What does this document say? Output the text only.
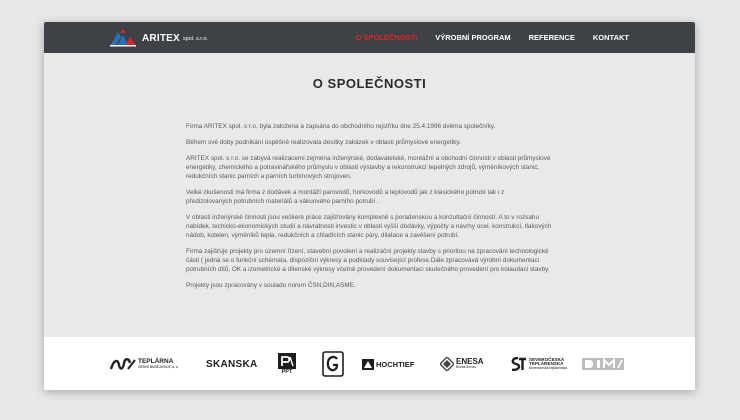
ARITEX spol. s.r.o.	O SPOLEČNOSTI VÝROBNÍ PROGRAM REFERENCE KONTAKT
O SPOLEČNOSTI

Firma ARITEX spol. s r.o. byla založena a zapsána do obchodního rejstříku dne 25.4.1996 dvěma společníky.

Během své doby podnikání úspěšně realizovala desítky zakázek v oblasti průmyslové energetiky.

ARITEX spol. s r.o. se zabývá realizacemi zejména inženýrské, dodavatelské, montážní a obchodní činnosti v oblasti průmyslové energetiky, chemického a potravinářského průmyslu v oblasti výstavby a rekonstrukcí tepelných zdrojů, výměníkových stanic, redukčních stanic parních a parních turbínových strojoven.

Velké zkušenosti má firma z dodávek a montáží parovodů, horkovodů a teplovodů jak z klasického potrubí tak i z předizolovaných potrubních materiálů a vákuového parního potrubí .

V oblasti inženýrské činnosti jsou veškeré práce zajišťovány komplexně s poradenskou a konzultační činností. A to v rozsahu nabídek, techicko-ekonomických studií a návratnosti investic v oblasti vyšší dodávky, výpočty a návrhy ocel. konstrukcí, tlakových nádob, kotelen, výměníků tepla, redukčních a chladících stanic páry, dilatace a zavěšení potrubí.

Firma zajišťuje projekty pro územní řízení, stavební povolení a realizační projekty stavby s prioritou na zpracování technologické části ( jedná se o funkční schémata, dispoziční výkresy a podklady související profese.Dále zpracovává výrobní dokumentaci potrubních dílů, OK a izometrické a dílenské výkresy včetně provedení dokumentaci skutečného provedení pro kolaudaci stavby.

Projekty jsou zpracovány v souladu norem ČSN,DIN,ASME.

TEPLÁRNA
ČESKÉ BUDĚJOVICE, a. s.	SKANSKA
PPT
HOCHTIEF	ENESA
Enesa Servis
SEVEROČESKÁ
TEPLÁRENSKÁ
Severočeská teplárenská
